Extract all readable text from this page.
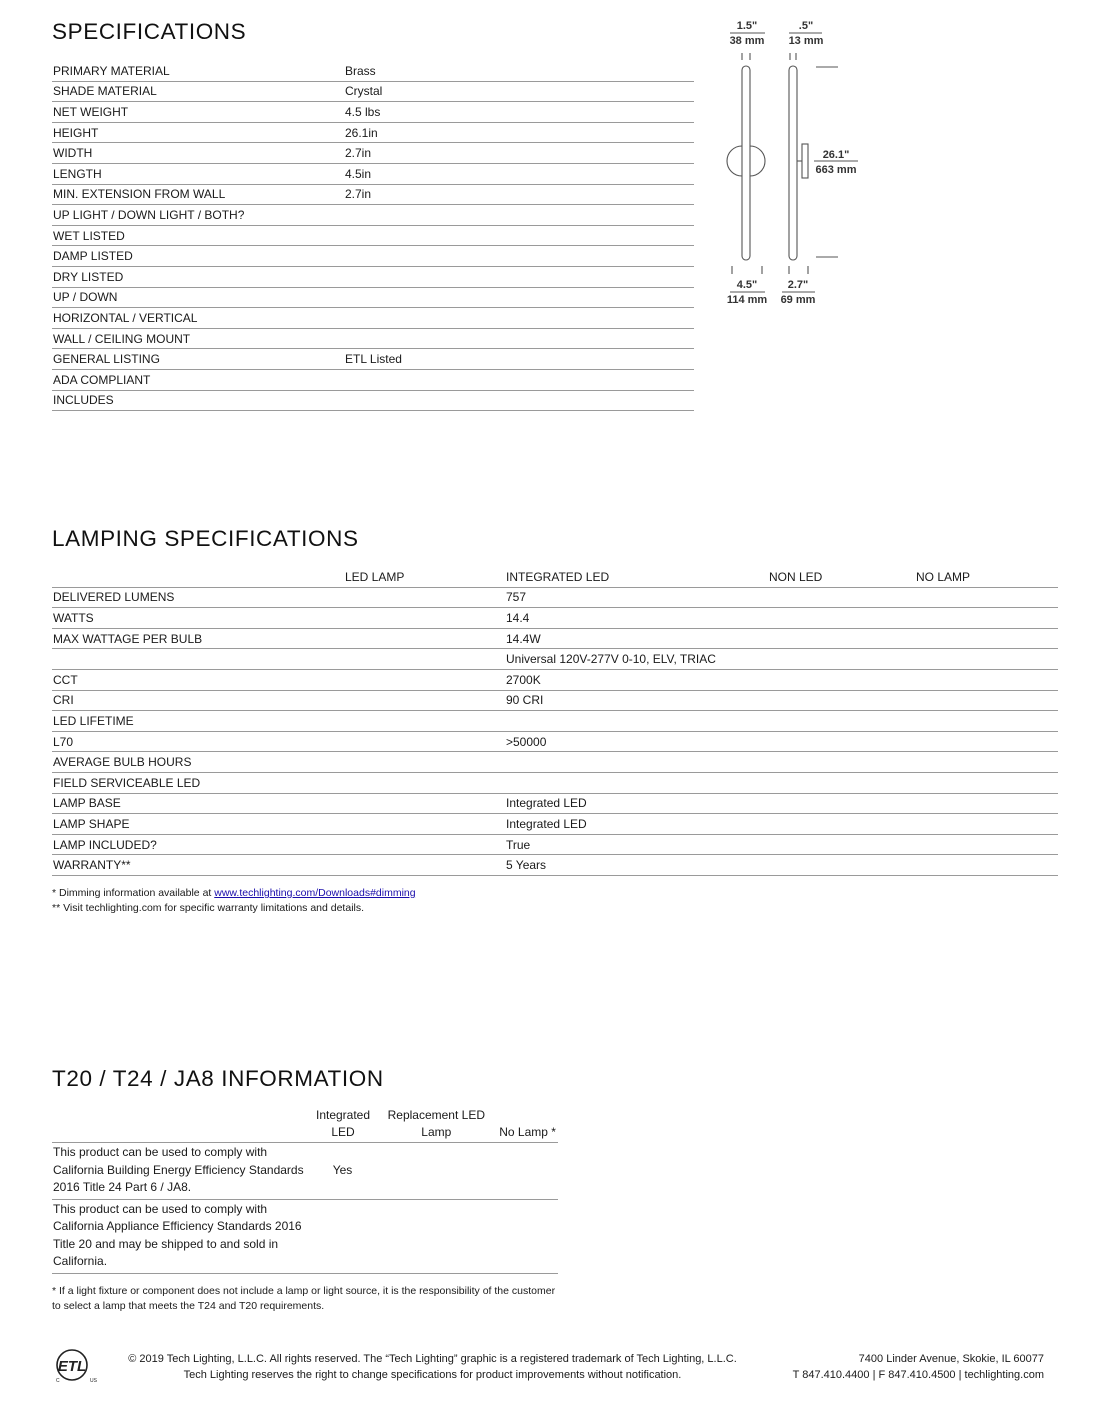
SPECIFICATIONS
PRIMARY MATERIAL	Brass
SHADE MATERIAL	Crystal
NET WEIGHT	4.5 lbs
HEIGHT	26.1in
WIDTH	2.7in
LENGTH	4.5in
MIN. EXTENSION FROM WALL	2.7in
UP LIGHT / DOWN LIGHT / BOTH?	
WET LISTED	
DAMP LISTED	
DRY LISTED	
UP / DOWN	
HORIZONTAL / VERTICAL	
WALL / CEILING MOUNT	
GENERAL LISTING	ETL Listed
ADA COMPLIANT	
INCLUDES	
1.5"
38 mm
.5"
13 mm
26.1"
663 mm
4.5"
114 mm
2.7"
69 mm
LAMPING SPECIFICATIONS
	LED LAMP	INTEGRATED LED	NON LED	NO LAMP
DELIVERED LUMENS		757		
WATTS		14.4		
MAX WATTAGE PER BULB		14.4W		
		Universal 120V-277V 0-10, ELV, TRIAC		
CCT		2700K		
CRI		90 CRI		
LED LIFETIME				
L70		>50000		
AVERAGE BULB HOURS				
FIELD SERVICEABLE LED				
LAMP BASE		Integrated LED		
LAMP SHAPE		Integrated LED		
LAMP INCLUDED?		True		
WARRANTY**		5 Years		
* Dimming information available at www.techlighting.com/Downloads#dimming
** Visit techlighting.com for specific warranty limitations and details.
T20 / T24 / JA8 INFORMATION
	Integrated LED	Replacement LED Lamp	No Lamp *
This product can be used to comply with California Building Energy Efficiency Standards 2016 Title 24 Part 6 / JA8.	Yes		
This product can be used to comply with California Appliance Efficiency Standards 2016 Title 20 and may be shipped to and sold in California.			
* If a light fixture or component does not include a lamp or light source, it is the responsibility of the customer to select a lamp that meets the T24 and T20 requirements.
ETL
C	US
© 2019 Tech Lighting, L.L.C. All rights reserved. The “Tech Lighting” graphic is a registered trademark of Tech Lighting, L.L.C.
Tech Lighting reserves the right to change specifications for product improvements without notification.
7400 Linder Avenue, Skokie, IL 60077
T 847.410.4400 | F 847.410.4500 | techlighting.com
